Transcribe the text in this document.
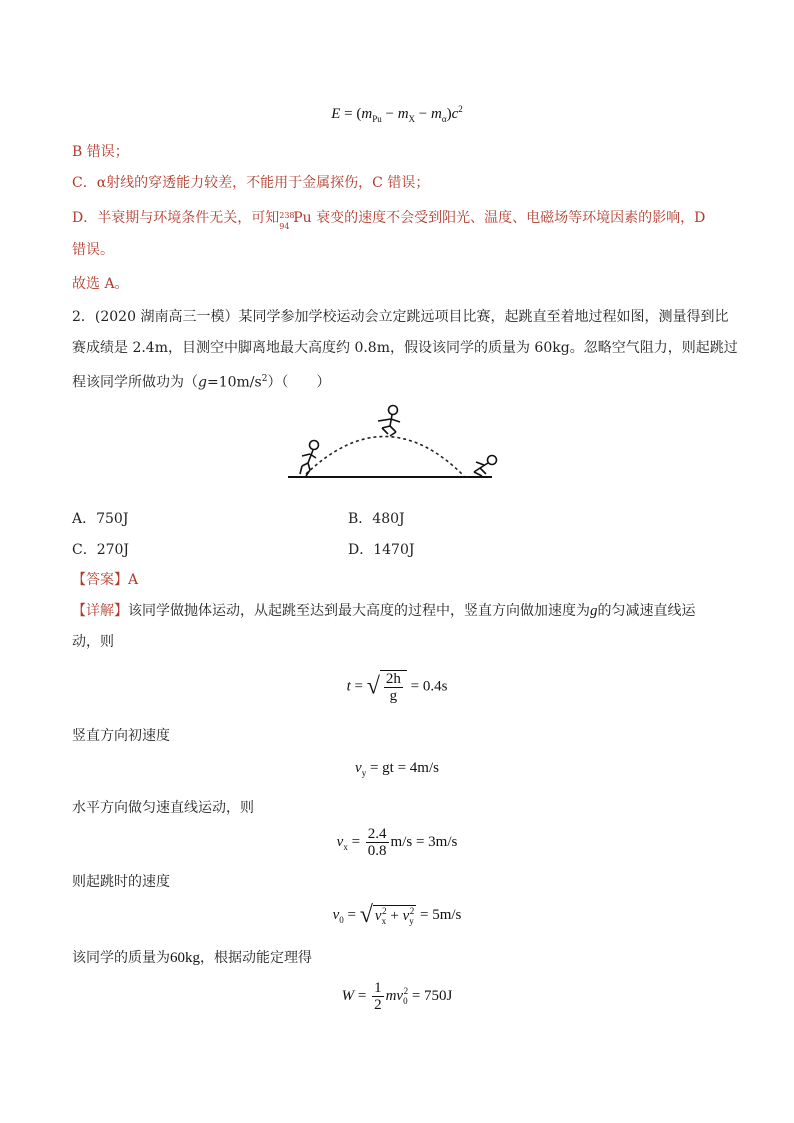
$E = (m_{Pu} - m_X - m_\alpha)c^2$
B 错误；
C．α射线的穿透能力较差，不能用于金属探伤，C 错误；
D．半衰期与环境条件无关，可知 238
94
Pu 衰变的速度不会受到阳光、温度、电磁场等环境因素的影响，D
错误。
故选 A。
2．(2020 湖南高三一模）某同学参加学校运动会立定跳远项目比赛，起跳直至着地过程如图，测量得到比
赛成绩是 2.4m，目测空中脚离地最大高度约 0.8m，假设该同学的质量为 60kg。忽略空气阻力，则起跳过
程该同学所做功为$(g=10m/s^2)$（　　）
A．750J	B．480J
C．270J	D．1470J
【答案】A
【详解】该同学做抛体运动，从起跳至达到最大高度的过程中，竖直方向做加速度为g的匀减速直线运
动，则
t = √ $\frac{2h}{g} = 0.4s$
竖直方向初速度
$v_y$ = gt = 4m/s
水平方向做匀速直线运动，则
$v_x = \frac{2.4}{0.8} m/s = 3m/s$
则起跳时的速度
$v_0$ = √ $v_x^2 + v_y^2 = 5m/s$
该同学的质量为60kg，根据动能定理得
$W = \frac{1}{2} mv_0^2 = 750J$
